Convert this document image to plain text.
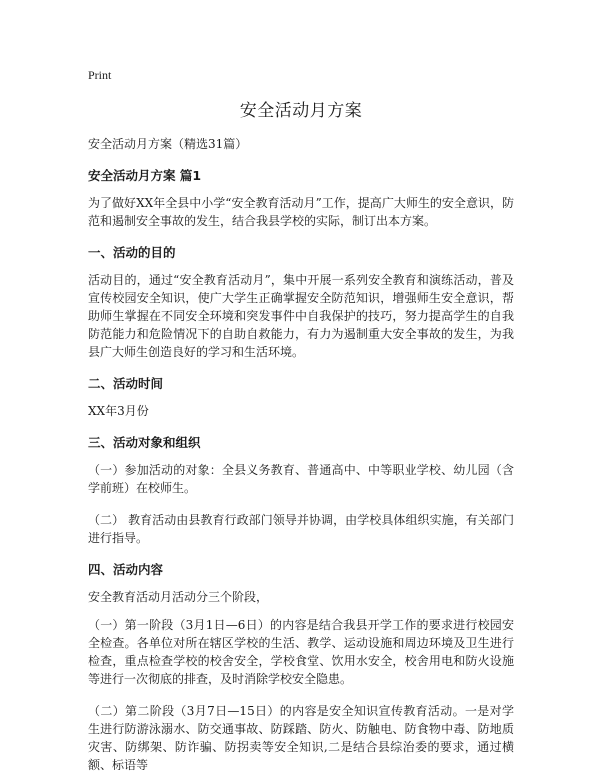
Print
安全活动月方案
安全活动月方案（精选31篇）
安全活动月方案 篇1
为了做好XX年全县中小学“安全教育活动月”工作，提高广大师生的安全意识，防范和遏制安全事故的发生，结合我县学校的实际，制订出本方案。
一、活动的目的
活动目的，通过“安全教育活动月”，集中开展一系列安全教育和演练活动，普及宣传校园安全知识，使广大学生正确掌握安全防范知识，增强师生安全意识，帮助师生掌握在不同安全环境和突发事件中自我保护的技巧，努力提高学生的自我防范能力和危险情况下的自助自救能力，有力为遏制重大安全事故的发生，为我县广大师生创造良好的学习和生活环境。
二、活动时间
XX年3月份
三、活动对象和组织
（一）参加活动的对象：全县义务教育、普通高中、中等职业学校、幼儿园（含学前班）在校师生。
（二） 教育活动由县教育行政部门领导并协调，由学校具体组织实施，有关部门进行指导。
四、活动内容
安全教育活动月活动分三个阶段，
（一）第一阶段（3月1日—6日）的内容是结合我县开学工作的要求进行校园安全检查。各单位对所在辖区学校的生活、教学、运动设施和周边环境及卫生进行检查，重点检查学校的校舍安全，学校食堂、饮用水安全，校舍用电和防火设施等进行一次彻底的排查，及时消除学校安全隐患。
（二）第二阶段（3月7日—15日）的内容是安全知识宣传教育活动。一是对学生进行防游泳溺水、防交通事故、防踩踏、防火、防触电、防食物中毒、防地质灾害、防绑架、防诈骗、防拐卖等安全知识,二是结合县综治委的要求，通过横额、标语等
